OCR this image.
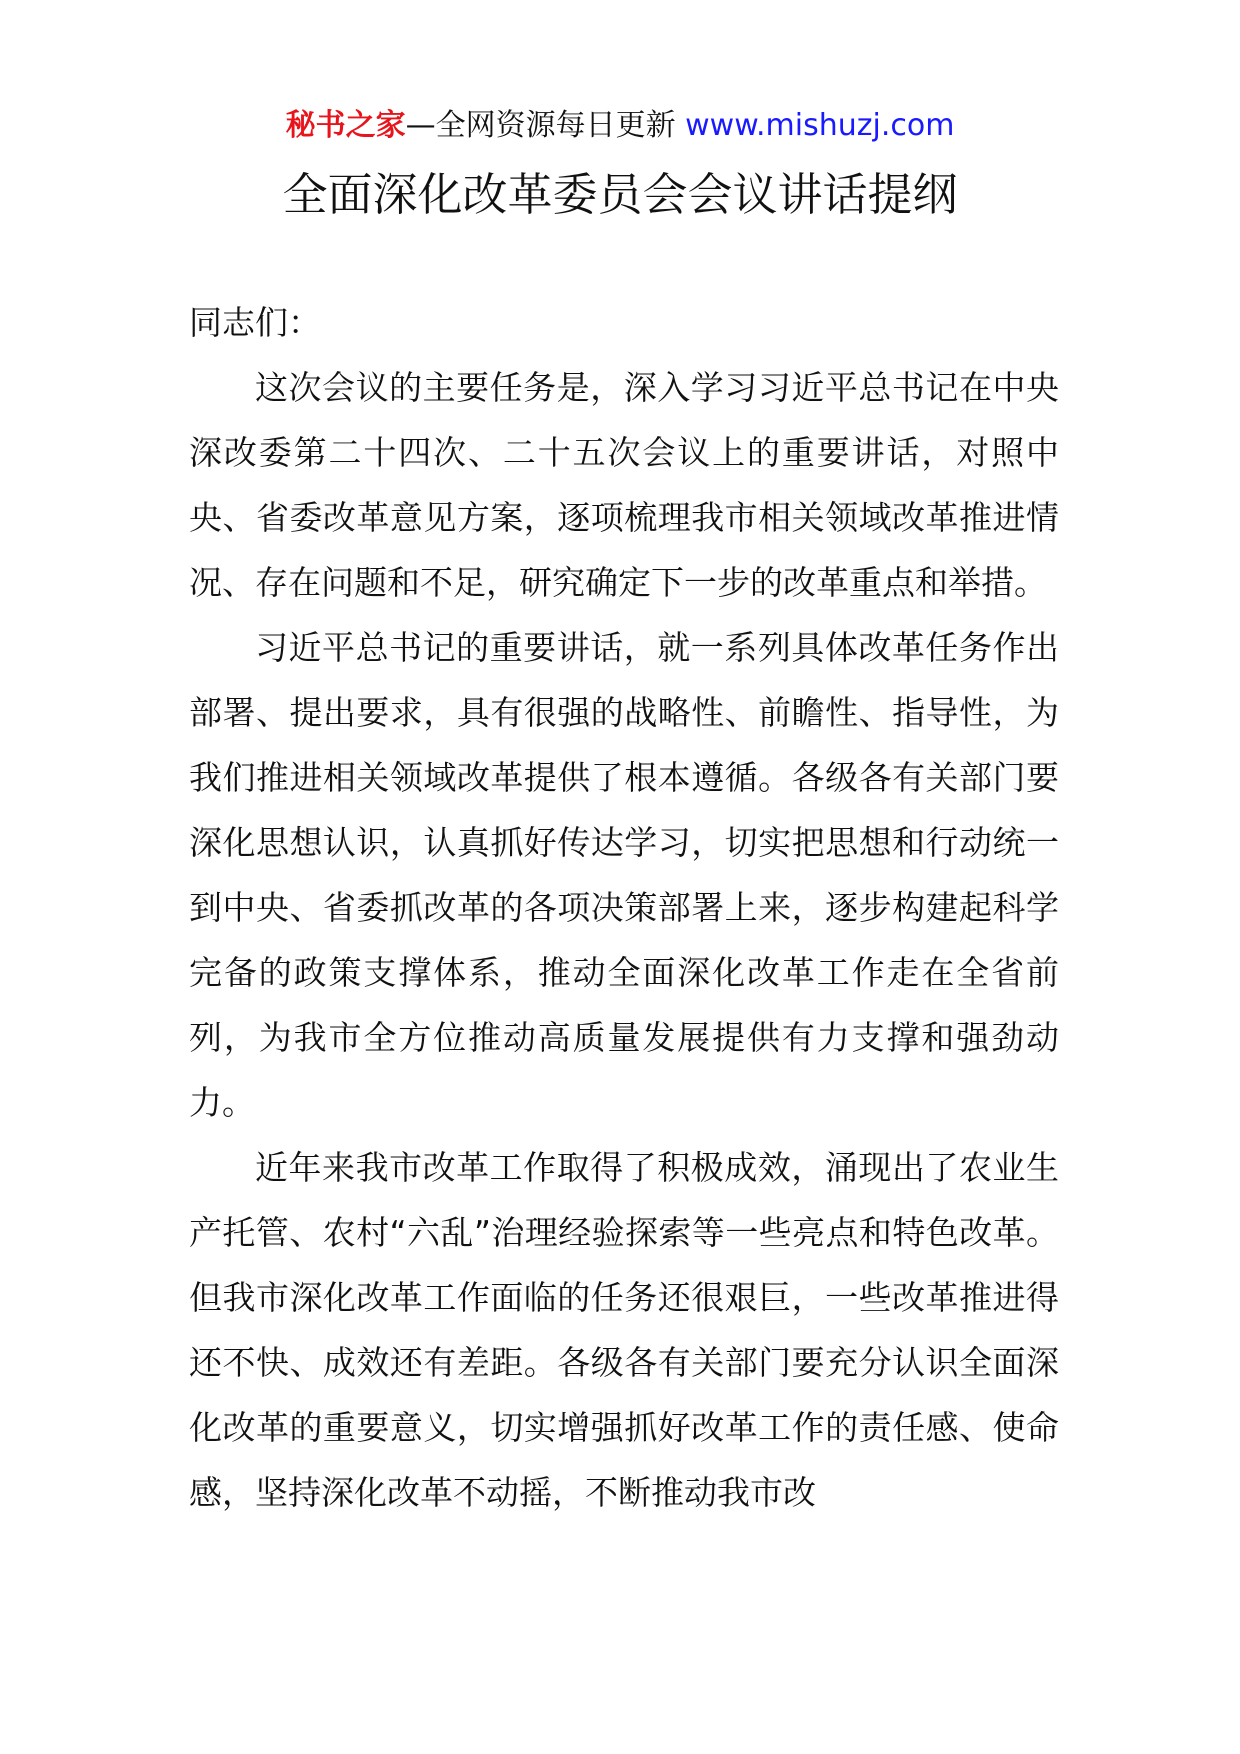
秘书之家—全网资源每日更新 www.mishuzj.com
全面深化改革委员会会议讲话提纲

同志们：

这次会议的主要任务是，深入学习习近平总书记在中央深改委第二十四次、二十五次会议上的重要讲话，对照中央、省委改革意见方案，逐项梳理我市相关领域改革推进情况、存在问题和不足，研究确定下一步的改革重点和举措。

习近平总书记的重要讲话，就一系列具体改革任务作出部署、提出要求，具有很强的战略性、前瞻性、指导性，为我们推进相关领域改革提供了根本遵循。各级各有关部门要深化思想认识，认真抓好传达学习，切实把思想和行动统一到中央、省委抓改革的各项决策部署上来，逐步构建起科学完备的政策支撑体系，推动全面深化改革工作走在全省前列，为我市全方位推动高质量发展提供有力支撑和强劲动力。

近年来我市改革工作取得了积极成效，涌现出了农业生产托管、农村“六乱”治理经验探索等一些亮点和特色改革。但我市深化改革工作面临的任务还很艰巨，一些改革推进得还不快、成效还有差距。各级各有关部门要充分认识全面深化改革的重要意义，切实增强抓好改革工作的责任感、使命感，坚持深化改革不动摇，不断推动我市改
